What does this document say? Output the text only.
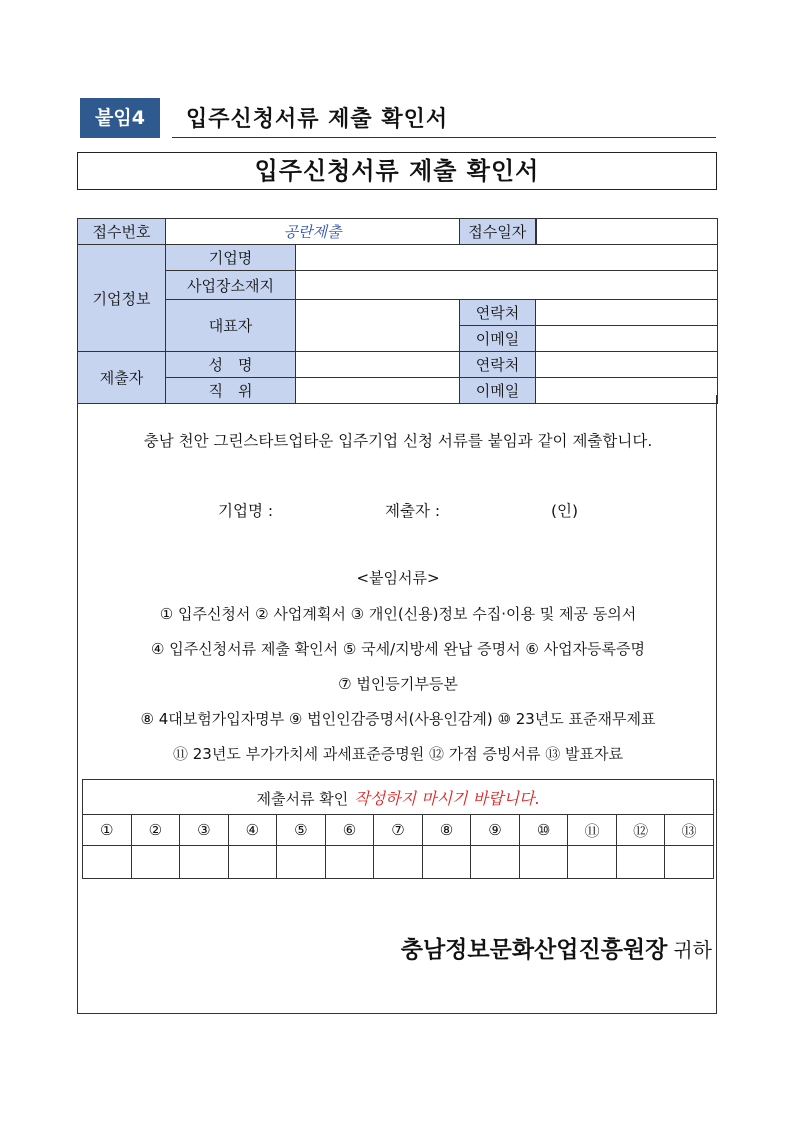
붙임4	입주신청서류 제출 확인서
입주신청서류 제출 확인서
접수번호	공란제출		접수일자	
기업정보	기업명			
	사업장소재지			
	대표자		연락처	
			이메일	
제출자	성　명		연락처	
	직　위		이메일	
충남 천안 그린스타트업타운 입주기업 신청 서류를 붙임과 같이 제출합니다.
기업명 :	제출자 :	(인)
<붙임서류>
① 입주신청서 ② 사업계획서 ③ 개인(신용)정보 수집·이용 및 제공 동의서
④ 입주신청서류 제출 확인서 ⑤ 국세/지방세 완납 증명서 ⑥ 사업자등록증명
⑦ 법인등기부등본
⑧ 4대보험가입자명부 ⑨ 법인인감증명서(사용인감계) ⑩ 23년도 표준재무제표
⑪ 23년도 부가가치세 과세표준증명원 ⑫ 가점 증빙서류 ⑬ 발표자료
제출서류 확인 작성하지 마시기 바랍니다.												
①	②	③	④	⑤	⑥	⑦	⑧	⑨	⑩	⑪	⑫	⑬

충남정보문화산업진흥원장 귀하
